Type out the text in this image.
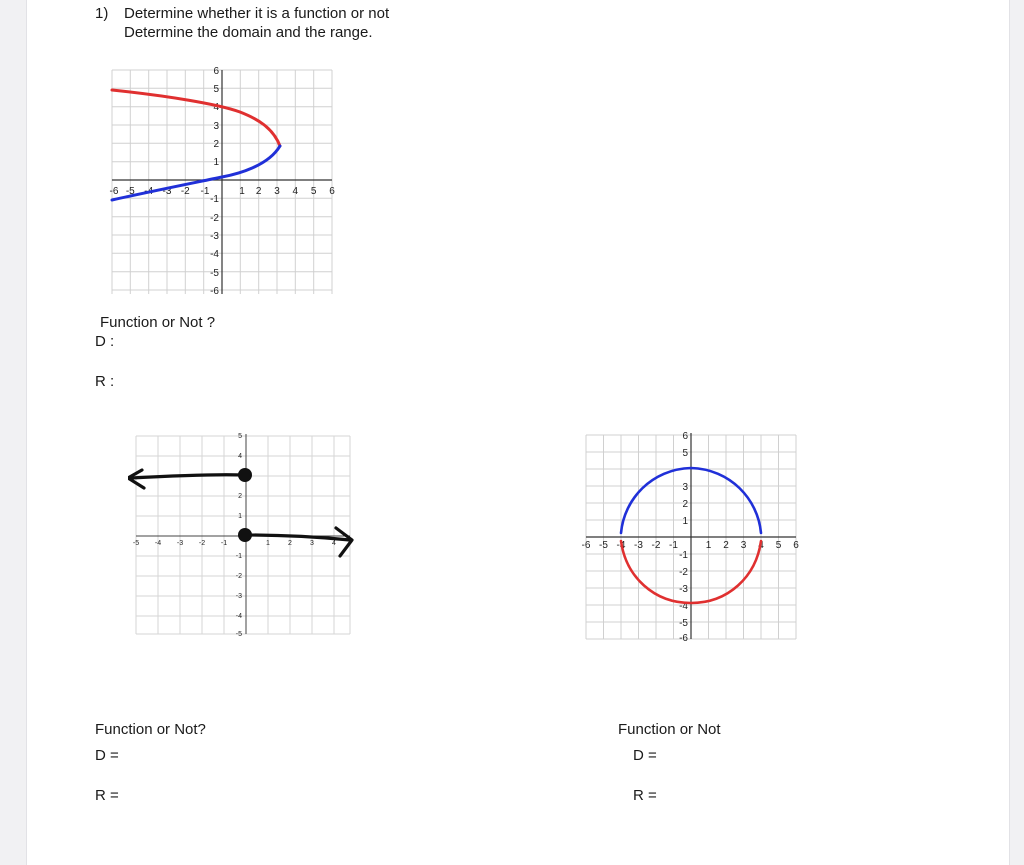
1) Determine whether it is a function or not
Determine the domain and the range.
-6 -5 -4 -3 -2 -1	1 2 3 4 5 6
6
5
4
3
2
1
-1
-2
-3
-4
-5
-6
Function or Not ?
D :
R :
-5 -4 -3 -2 -1	1	2	3	4
5
4
2
1
-1
-2
-3
-4
-5
-6 -5 -4 -3 -2 -1	1 2 3 4 5 6
6
5
3
2
1
-1
-2
-3
-4
-5
-6
Function or Not?
D =
R =
Function or Not
D =
R =
